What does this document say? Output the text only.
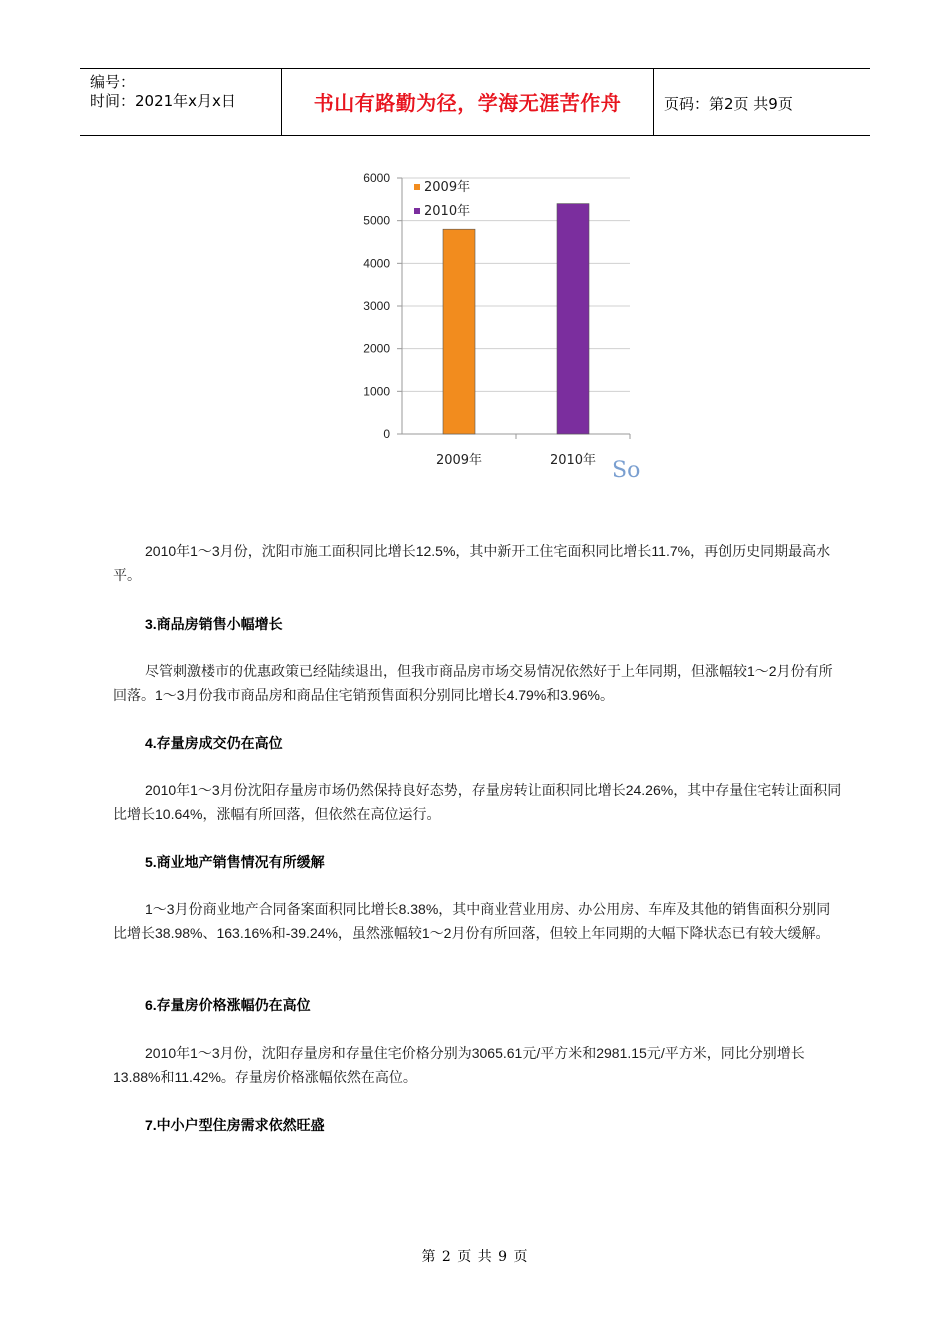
编号：
时间：2021年x月x日	书山有路勤为径，学海无涯苦作舟	页码：第2页 共9页
0
1000
2000
3000
4000
5000
6000
2009年	2010年
2009年
2010年
So

2010年1～3月份，沈阳市施工面积同比增长12.5%，其中新开工住宅面积同比增长11.7%，再创历史同期最高水平。

3.商品房销售小幅增长

尽管刺激楼市的优惠政策已经陆续退出，但我市商品房市场交易情况依然好于上年同期，但涨幅较1～2月份有所回落。1～3月份我市商品房和商品住宅销预售面积分别同比增长4.79%和3.96%。

4.存量房成交仍在高位

2010年1～3月份沈阳存量房市场仍然保持良好态势，存量房转让面积同比增长24.26%，其中存量住宅转让面积同比增长10.64%，涨幅有所回落，但依然在高位运行。

5.商业地产销售情况有所缓解

1～3月份商业地产合同备案面积同比增长8.38%，其中商业营业用房、办公用房、车库及其他的销售面积分别同比增长38.98%、163.16%和-39.24%，虽然涨幅较1～2月份有所回落，但较上年同期的大幅下降状态已有较大缓解。

6.存量房价格涨幅仍在高位

2010年1～3月份，沈阳存量房和存量住宅价格分别为3065.61元/平方米和2981.15元/平方米，同比分别增长13.88%和11.42%。存量房价格涨幅依然在高位。

7.中小户型住房需求依然旺盛

第 2 页 共 9 页
